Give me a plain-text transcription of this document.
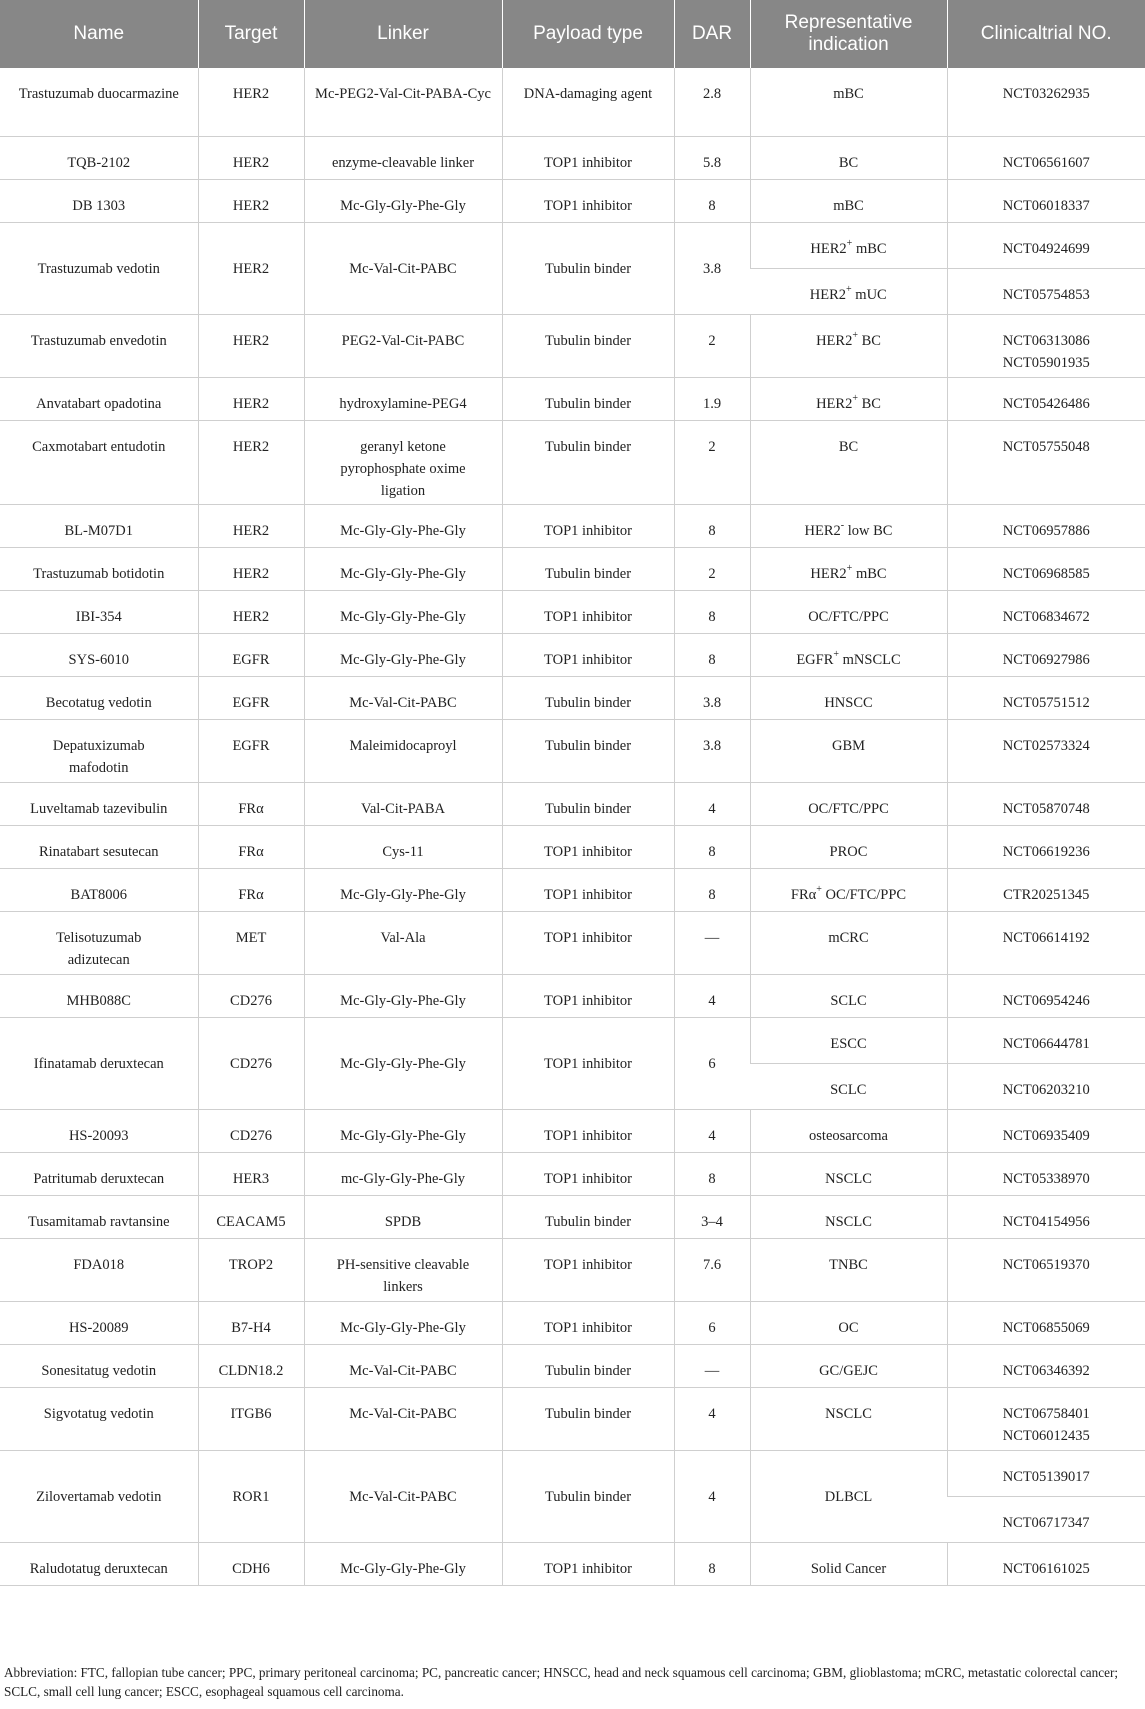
Name	Target	Linker	Payload type	DAR	Representative indication	Clinicaltrial NO.
Trastuzumab duocarmazine	HER2	Mc-PEG2-Val-Cit-PABA-Cyc	DNA-damaging agent	2.8	mBC	NCT03262935
TQB-2102	HER2	enzyme-cleavable linker	TOP1 inhibitor	5.8	BC	NCT06561607
DB 1303	HER2	Mc-Gly-Gly-Phe-Gly	TOP1 inhibitor	8	mBC	NCT06018337
Trastuzumab vedotin	HER2	Mc-Val-Cit-PABC	Tubulin binder	3.8	HER2+ mBC	NCT04924699
					HER2+ mUC	NCT05754853
Trastuzumab envedotin	HER2	PEG2-Val-Cit-PABC	Tubulin binder	2	HER2+ BC	NCT06313086
NCT05901935

Anvatabart opadotina	HER2	hydroxylamine-PEG4	Tubulin binder	1.9	HER2+ BC	NCT05426486
Caxmotabart entudotin	HER2	geranyl ketone
pyrophosphate oxime
ligation	Tubulin binder	2	BC	NCT05755048
BL-M07D1	HER2	Mc-Gly-Gly-Phe-Gly	TOP1 inhibitor	8	HER2- low BC	NCT06957886
Trastuzumab botidotin	HER2	Mc-Gly-Gly-Phe-Gly	Tubulin binder	2	HER2+ mBC	NCT06968585
IBI-354	HER2	Mc-Gly-Gly-Phe-Gly	TOP1 inhibitor	8	OC/FTC/PPC	NCT06834672
SYS-6010	EGFR	Mc-Gly-Gly-Phe-Gly	TOP1 inhibitor	8	EGFR+ mNSCLC	NCT06927986
Becotatug vedotin	EGFR	Mc-Val-Cit-PABC	Tubulin binder	3.8	HNSCC	NCT05751512

Depatuxizumab
mafodotin	EGFR	Maleimidocaproyl	Tubulin binder	3.8	GBM	NCT02573324
Luveltamab tazevibulin	FRα	Val-Cit-PABA	Tubulin binder	4	OC/FTC/PPC	NCT05870748
Rinatabart sesutecan	FRα	Cys-11	TOP1 inhibitor	8	PROC	NCT06619236
BAT8006	FRα	Mc-Gly-Gly-Phe-Gly	TOP1 inhibitor	8	FRα+ OC/FTC/PPC	CTR20251345

Telisotuzumab
adizutecan	MET	Val-Ala	TOP1 inhibitor	—	mCRC	NCT06614192
MHB088C	CD276	Mc-Gly-Gly-Phe-Gly	TOP1 inhibitor	4	SCLC	NCT06954246
Ifinatamab deruxtecan	CD276	Mc-Gly-Gly-Phe-Gly	TOP1 inhibitor	6	ESCC	NCT06644781
					SCLC	NCT06203210
HS-20093	CD276	Mc-Gly-Gly-Phe-Gly	TOP1 inhibitor	4	osteosarcoma	NCT06935409
Patritumab deruxtecan	HER3	mc-Gly-Gly-Phe-Gly	TOP1 inhibitor	8	NSCLC	NCT05338970
Tusamitamab ravtansine	CEACAM5	SPDB	Tubulin binder	3–4	NSCLC	NCT04154956
FDA018	TROP2	PH-sensitive cleavable
linkers	TOP1 inhibitor	7.6	TNBC	NCT06519370
HS-20089	B7-H4	Mc-Gly-Gly-Phe-Gly	TOP1 inhibitor	6	OC	NCT06855069
Sonesitatug vedotin	CLDN18.2	Mc-Val-Cit-PABC	Tubulin binder	—	GC/GEJC	NCT06346392
Sigvotatug vedotin	ITGB6	Mc-Val-Cit-PABC	Tubulin binder	4	NSCLC	NCT06758401
NCT06012435

Zilovertamab vedotin	ROR1	Mc-Val-Cit-PABC	Tubulin binder	4	DLBCL	NCT05139017
						NCT06717347
Raludotatug deruxtecan	CDH6	Mc-Gly-Gly-Phe-Gly	TOP1 inhibitor	8	Solid Cancer	NCT06161025
Abbreviation: FTC, fallopian tube cancer; PPC, primary peritoneal carcinoma; PC, pancreatic cancer; HNSCC, head and neck squamous cell carcinoma; GBM, glioblastoma; mCRC, metastatic colorectal cancer; SCLC, small cell lung cancer; ESCC, esophageal squamous cell carcinoma.
